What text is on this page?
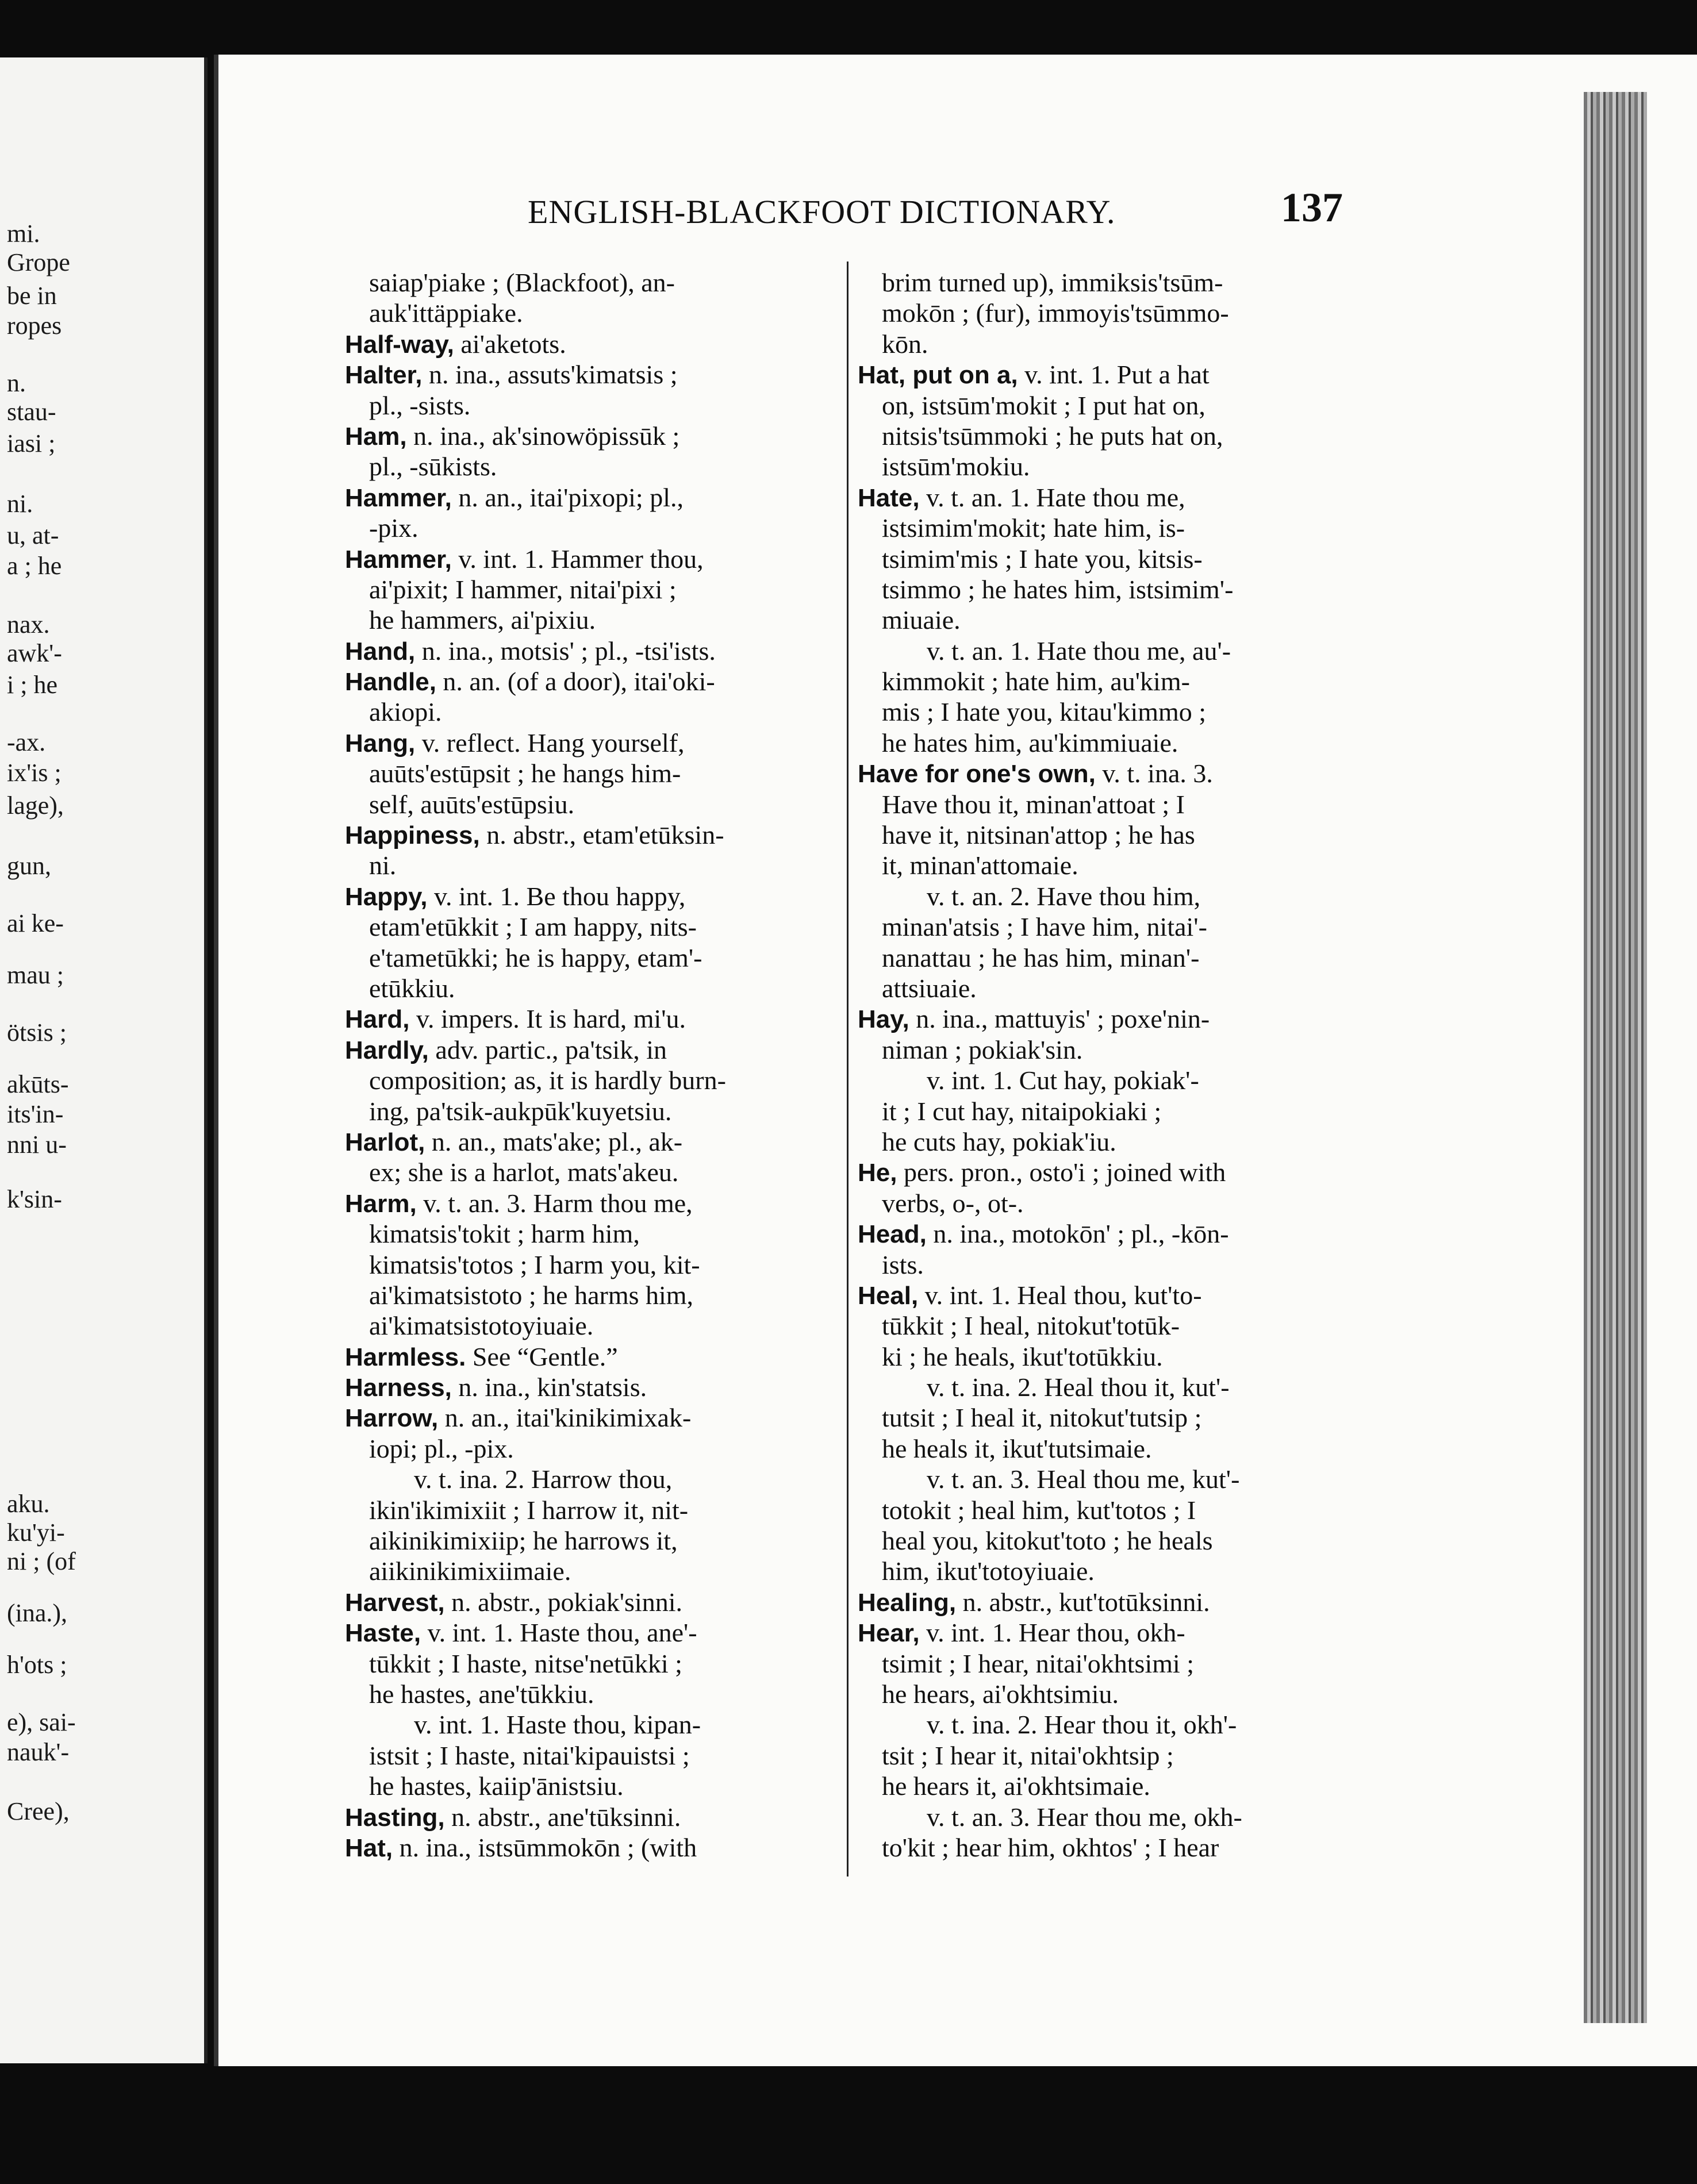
mi.
Grope
be in
ropes
n.
stau-
iasi ;
ni.
u, at-
a ; he
nax.
awk'-
i ; he
-ax.
ix'is ;
lage),
gun,
ai ke-
mau ;
ötsis ;
akūts-
its'in-
nni u-
k'sin-
aku.
ku'yi-
ni ; (of
(ina.),
h'ots ;
e), sai-
nauk'-
Cree),
ENGLISH-BLACKFOOT DICTIONARY.	137
saiap'piake ; (Blackfoot), an-
auk'ittäppiake.
Half-way, ai'aketots.
Halter, n. ina., assuts'kimatsis ;
pl., -sists.
Ham, n. ina., ak'sinowöpissūk ;
pl., -sūkists.
Hammer, n. an., itai'pixopi; pl.,
-pix.
Hammer, v. int. 1. Hammer thou,
ai'pixit; I hammer, nitai'pixi ;
he hammers, ai'pixiu.
Hand, n. ina., motsis' ; pl., -tsi'ists.
Handle, n. an. (of a door), itai'oki-
akiopi.
Hang, v. reflect. Hang yourself,
auūts'estūpsit ; he hangs him-
self, auūts'estūpsiu.
Happiness, n. abstr., etam'etūksin-
ni.
Happy, v. int. 1. Be thou happy,
etam'etūkkit ; I am happy, nits-
e'tametūkki; he is happy, etam'-
etūkkiu.
Hard, v. impers. It is hard, mi'u.
Hardly, adv. partic., pa'tsik, in
composition; as, it is hardly burn-
ing, pa'tsik-aukpūk'kuyetsiu.
Harlot, n. an., mats'ake; pl., ak-
ex; she is a harlot, mats'akeu.
Harm, v. t. an. 3. Harm thou me,
kimatsis'tokit ; harm him,
kimatsis'totos ; I harm you, kit-
ai'kimatsistoto ; he harms him,
ai'kimatsistotoyiuaie.
Harmless. See “Gentle.”
Harness, n. ina., kin'statsis.
Harrow, n. an., itai'kinikimixak-
iopi; pl., -pix.
v. t. ina. 2. Harrow thou,
ikin'ikimixiit ; I harrow it, nit-
aikinikimixiip; he harrows it,
aiikinikimixiimaie.
Harvest, n. abstr., pokiak'sinni.
Haste, v. int. 1. Haste thou, ane'-
tūkkit ; I haste, nitse'netūkki ;
he hastes, ane'tūkkiu.
v. int. 1. Haste thou, kipan-
istsit ; I haste, nitai'kipauistsi ;
he hastes, kaiip'ānistsiu.
Hasting, n. abstr., ane'tūksinni.
Hat, n. ina., istsūmmokōn ; (with
brim turned up), immiksis'tsūm-
mokōn ; (fur), immoyis'tsūmmo-
kōn.
Hat, put on a, v. int. 1. Put a hat
on, istsūm'mokit ; I put hat on,
nitsis'tsūmmoki ; he puts hat on,
istsūm'mokiu.
Hate, v. t. an. 1. Hate thou me,
istsimim'mokit; hate him, is-
tsimim'mis ; I hate you, kitsis-
tsimmo ; he hates him, istsimim'-
miuaie.
v. t. an. 1. Hate thou me, au'-
kimmokit ; hate him, au'kim-
mis ; I hate you, kitau'kimmo ;
he hates him, au'kimmiuaie.
Have for one's own, v. t. ina. 3.
Have thou it, minan'attoat ; I
have it, nitsinan'attop ; he has
it, minan'attomaie.
v. t. an. 2. Have thou him,
minan'atsis ; I have him, nitai'-
nanattau ; he has him, minan'-
attsiuaie.
Hay, n. ina., mattuyis' ; poxe'nin-
niman ; pokiak'sin.
v. int. 1. Cut hay, pokiak'-
it ; I cut hay, nitaipokiaki ;
he cuts hay, pokiak'iu.
He, pers. pron., osto'i ; joined with
verbs, o-, ot-.
Head, n. ina., motokōn' ; pl., -kōn-
ists.
Heal, v. int. 1. Heal thou, kut'to-
tūkkit ; I heal, nitokut'totūk-
ki ; he heals, ikut'totūkkiu.
v. t. ina. 2. Heal thou it, kut'-
tutsit ; I heal it, nitokut'tutsip ;
he heals it, ikut'tutsimaie.
v. t. an. 3. Heal thou me, kut'-
totokit ; heal him, kut'totos ; I
heal you, kitokut'toto ; he heals
him, ikut'totoyiuaie.
Healing, n. abstr., kut'totūksinni.
Hear, v. int. 1. Hear thou, okh-
tsimit ; I hear, nitai'okhtsimi ;
he hears, ai'okhtsimiu.
v. t. ina. 2. Hear thou it, okh'-
tsit ; I hear it, nitai'okhtsip ;
he hears it, ai'okhtsimaie.
v. t. an. 3. Hear thou me, okh-
to'kit ; hear him, okhtos' ; I hear
